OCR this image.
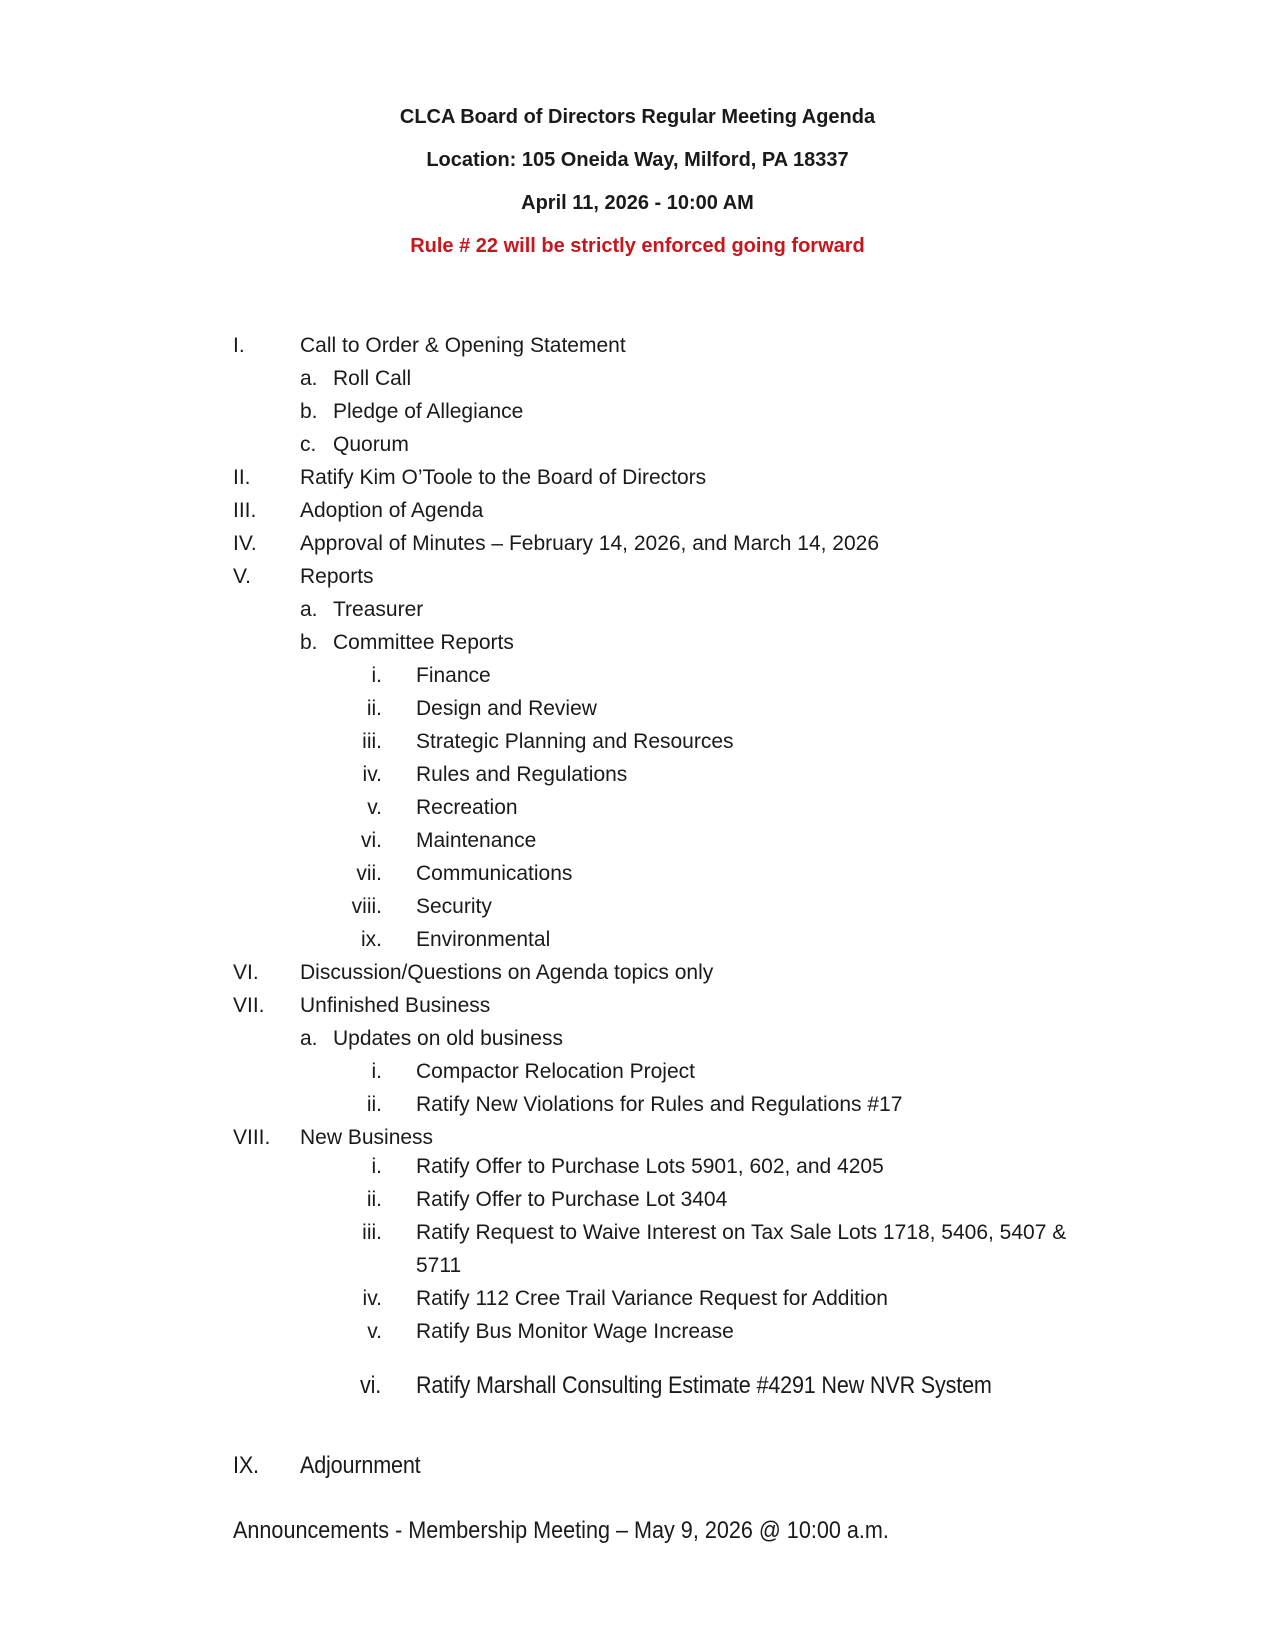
CLCA Board of Directors Regular Meeting Agenda

Location: 105 Oneida Way, Milford, PA 18337

April 11, 2026 - 10:00 AM

Rule # 22 will be strictly enforced going forward

I.	Call to Order & Opening Statement
a. Roll Call
b. Pledge of Allegiance
c. Quorum
II. Ratify Kim O’Toole to the Board of Directors
III. Adoption of Agenda
IV. Approval of Minutes – February 14, 2026, and March 14, 2026
V. Reports
a. Treasurer
b. Committee Reports
i. Finance
ii. Design and Review
iii. Strategic Planning and Resources
iv. Rules and Regulations
v. Recreation
vi. Maintenance
vii. Communications
viii. Security
ix. Environmental
VI. Discussion/Questions on Agenda topics only
VII. Unfinished Business
a. Updates on old business
i. Compactor Relocation Project
ii. Ratify New Violations for Rules and Regulations #17
VIII. New Business
i. Ratify Offer to Purchase Lots 5901, 602, and 4205
ii. Ratify Offer to Purchase Lot 3404
iii. Ratify Request to Waive Interest on Tax Sale Lots 1718, 5406, 5407 &
5711
iv. Ratify 112 Cree Trail Variance Request for Addition
v. Ratify Bus Monitor Wage Increase
vi. Ratify Marshall Consulting Estimate #4291 New NVR System
IX. Adjournment
Announcements - Membership Meeting – May 9, 2026 @ 10:00 a.m.
